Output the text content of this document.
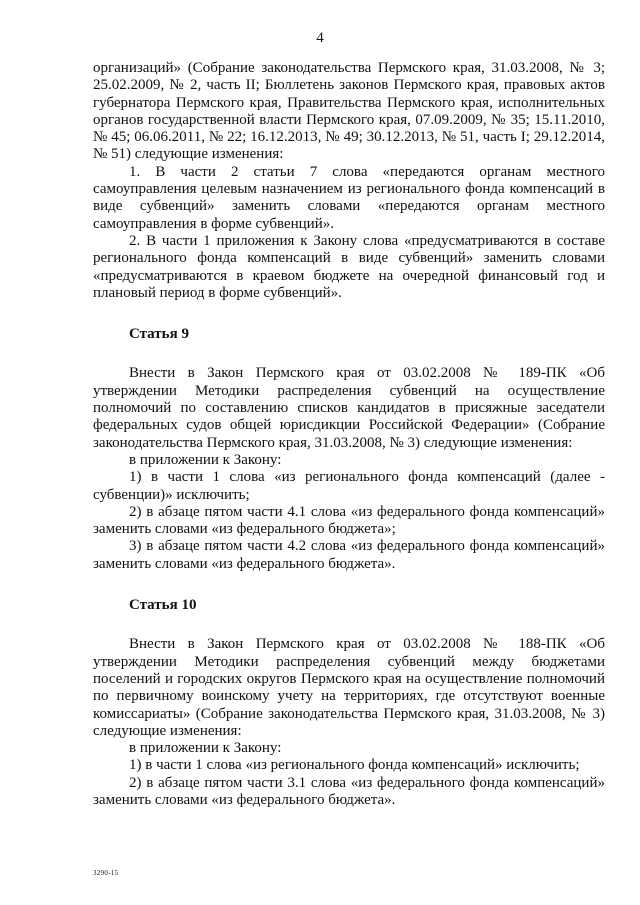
4

организаций» (Собрание законодательства Пермского края, 31.03.2008, № 3; 25.02.2009, № 2, часть II; Бюллетень законов Пермского края, правовых актов губернатора Пермского края, Правительства Пермского края, исполнительных органов государственной власти Пермского края, 07.09.2009, № 35; 15.11.2010, № 45; 06.06.2011, № 22; 16.12.2013, № 49; 30.12.2013, № 51, часть I; 29.12.2014, № 51) следующие изменения:

1. В части 2 статьи 7 слова «передаются органам местного самоуправления целевым назначением из регионального фонда компенсаций в виде субвенций» заменить словами «передаются органам местного самоуправления в форме субвенций».

2. В части 1 приложения к Закону слова «предусматриваются в составе регионального фонда компенсаций в виде субвенций» заменить словами «предусматриваются в краевом бюджете на очередной финансовый год и плановый период в форме субвенций».

Статья 9

Внести в Закон Пермского края от 03.02.2008 № 189-ПК «Об утверждении Методики распределения субвенций на осуществление полномочий по составлению списков кандидатов в присяжные заседатели федеральных судов общей юрисдикции Российской Федерации» (Собрание законодательства Пермского края, 31.03.2008, № 3) следующие изменения:

в приложении к Закону:

1) в части 1 слова «из регионального фонда компенсаций (далее - субвенции)» исключить;

2) в абзаце пятом части 4.1 слова «из федерального фонда компенсаций» заменить словами «из федерального бюджета»;

3) в абзаце пятом части 4.2 слова «из федерального фонда компенсаций» заменить словами «из федерального бюджета».

Статья 10

Внести в Закон Пермского края от 03.02.2008 № 188-ПК «Об утверждении Методики распределения субвенций между бюджетами поселений и городских округов Пермского края на осуществление полномочий по первичному воинскому учету на территориях, где отсутствуют военные комиссариаты» (Собрание законодательства Пермского края, 31.03.2008, № 3) следующие изменения:

в приложении к Закону:

1) в части 1 слова «из регионального фонда компенсаций» исключить;

2) в абзаце пятом части 3.1 слова «из федерального фонда компенсаций» заменить словами «из федерального бюджета».

3290-15
